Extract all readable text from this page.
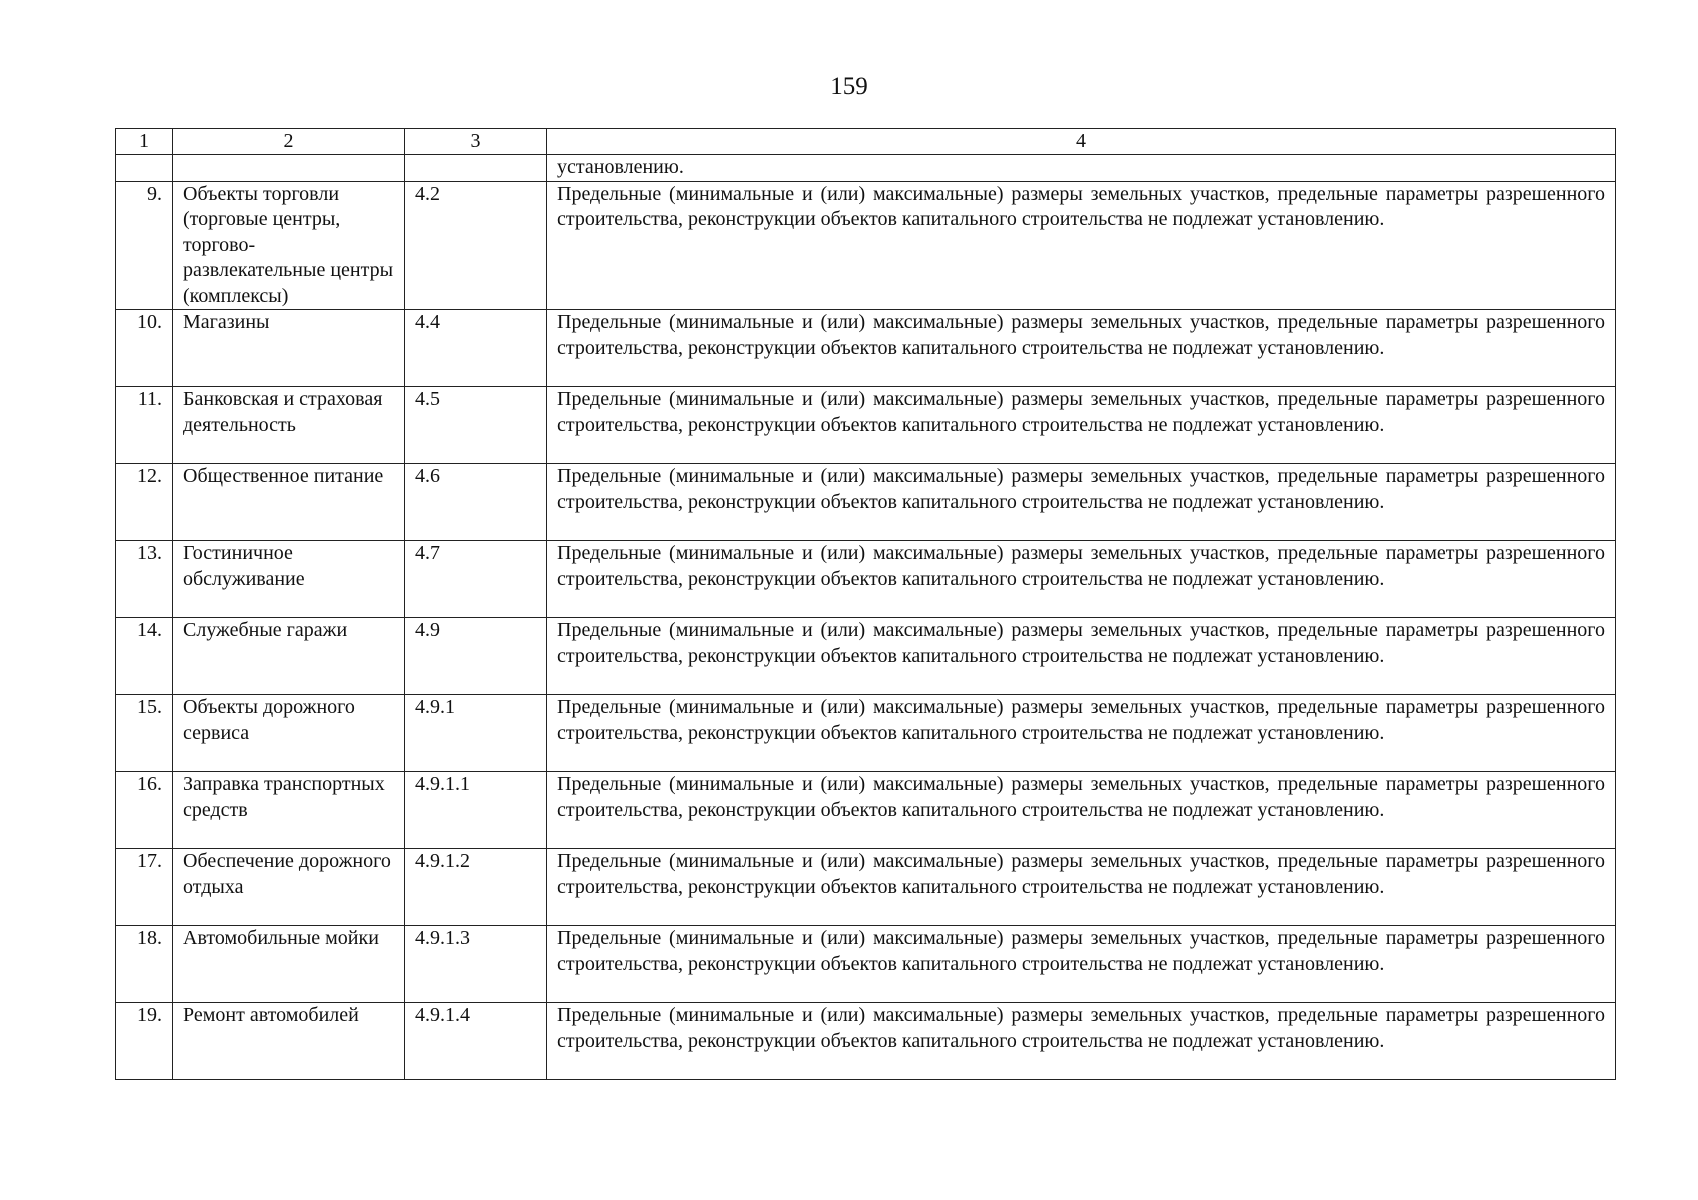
159
1	2	3	4
			установлению.
9.	Объекты торговли (торговые центры, торгово-развлекательные центры (комплексы)	4.2	Предельные (минимальные и (или) максимальные) размеры земельных участков, предельные параметры разрешенного строительства, реконструкции объектов капитального строительства не подлежат установлению.
10.	Магазины	4.4	Предельные (минимальные и (или) максимальные) размеры земельных участков, предельные параметры разрешенного строительства, реконструкции объектов капитального строительства не подлежат установлению.
11.	Банковская и страховая деятельность	4.5	Предельные (минимальные и (или) максимальные) размеры земельных участков, предельные параметры разрешенного строительства, реконструкции объектов капитального строительства не подлежат установлению.
12.	Общественное питание	4.6	Предельные (минимальные и (или) максимальные) размеры земельных участков, предельные параметры разрешенного строительства, реконструкции объектов капитального строительства не подлежат установлению.
13.	Гостиничное обслуживание	4.7	Предельные (минимальные и (или) максимальные) размеры земельных участков, предельные параметры разрешенного строительства, реконструкции объектов капитального строительства не подлежат установлению.
14.	Служебные гаражи	4.9	Предельные (минимальные и (или) максимальные) размеры земельных участков, предельные параметры разрешенного строительства, реконструкции объектов капитального строительства не подлежат установлению.
15.	Объекты дорожного сервиса	4.9.1	Предельные (минимальные и (или) максимальные) размеры земельных участков, предельные параметры разрешенного строительства, реконструкции объектов капитального строительства не подлежат установлению.
16.	Заправка транспортных средств	4.9.1.1	Предельные (минимальные и (или) максимальные) размеры земельных участков, предельные параметры разрешенного строительства, реконструкции объектов капитального строительства не подлежат установлению.
17.	Обеспечение дорожного отдыха	4.9.1.2	Предельные (минимальные и (или) максимальные) размеры земельных участков, предельные параметры разрешенного строительства, реконструкции объектов капитального строительства не подлежат установлению.
18.	Автомобильные мойки	4.9.1.3	Предельные (минимальные и (или) максимальные) размеры земельных участков, предельные параметры разрешенного строительства, реконструкции объектов капитального строительства не подлежат установлению.
19.	Ремонт автомобилей	4.9.1.4	Предельные (минимальные и (или) максимальные) размеры земельных участков, предельные параметры разрешенного строительства, реконструкции объектов капитального строительства не подлежат установлению.
